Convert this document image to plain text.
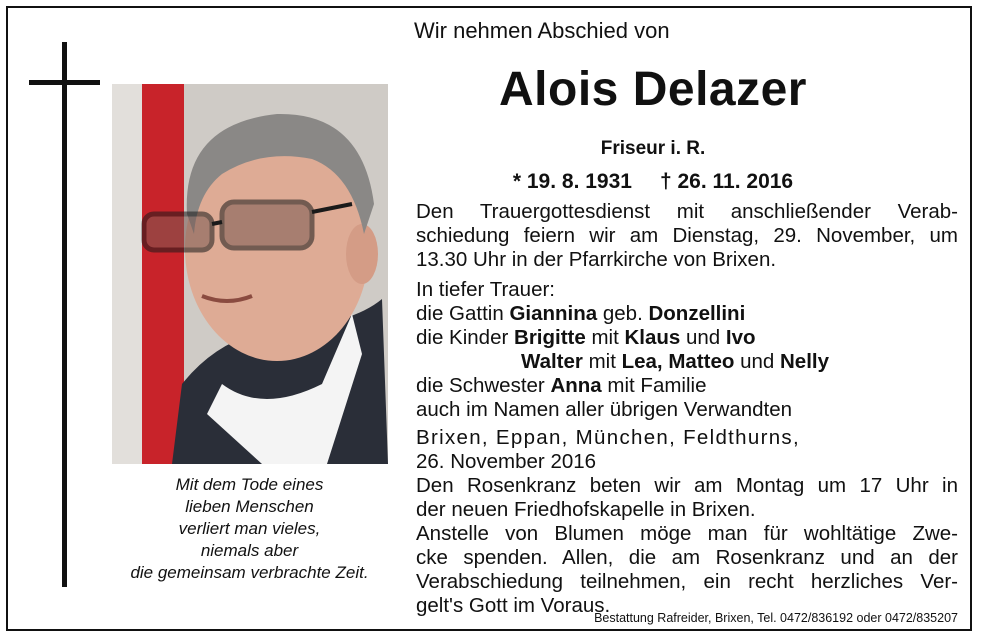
Mit dem Tode eines
lieben Menschen
verliert man vieles,
niemals aber
die gemeinsam verbrachte Zeit.
Wir nehmen Abschied von
Alois Delazer
Friseur i. R.
* 19. 8. 1931 † 26. 11. 2016
Den Trauergottesdienst mit anschließender Verab-
schiedung feiern wir am Dienstag, 29. November, um
13.30 Uhr in der Pfarrkirche von Brixen.
In tiefer Trauer:
die Gattin Giannina geb. Donzellini
die Kinder Brigitte mit Klaus und Ivo
Walter mit Lea, Matteo und Nelly
die Schwester Anna mit Familie
auch im Namen aller übrigen Verwandten
Brixen, Eppan, München, Feldthurns,
26. November 2016
Den Rosenkranz beten wir am Montag um 17 Uhr in
der neuen Friedhofskapelle in Brixen.
Anstelle von Blumen möge man für wohltätige Zwe-
cke spenden. Allen, die am Rosenkranz und an der
Verabschiedung teilnehmen, ein recht herzliches Ver-
gelt's Gott im Voraus.
Bestattung Rafreider, Brixen, Tel. 0472/836192 oder 0472/835207
